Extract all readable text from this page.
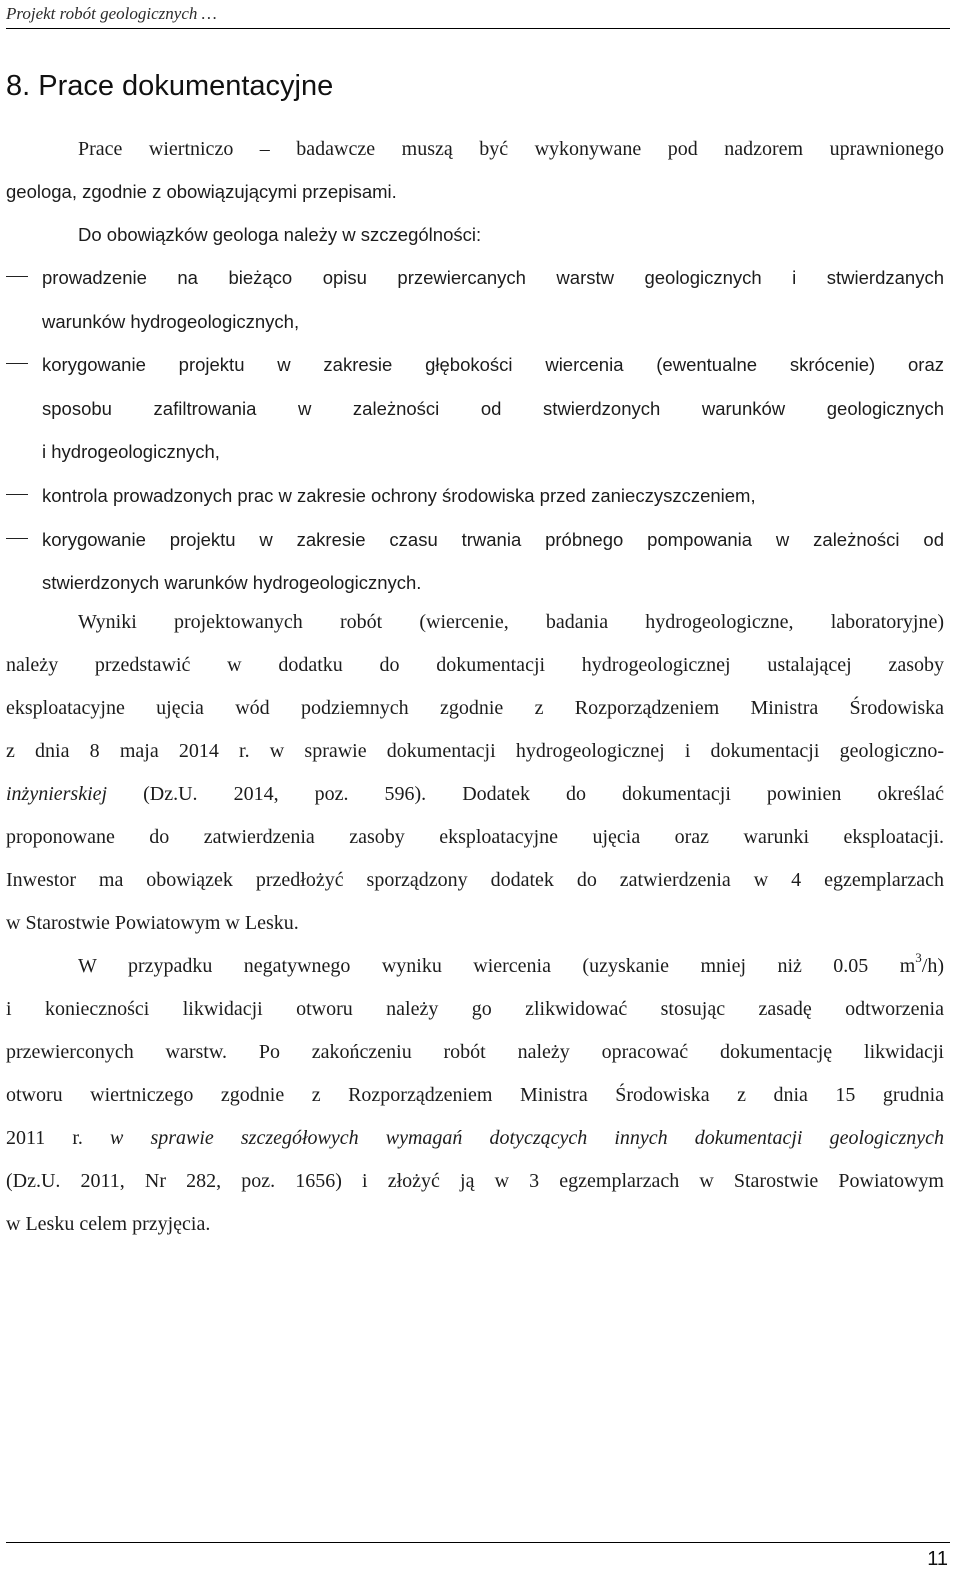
Projekt robót geologicznych …
8. Prace dokumentacyjne
Prace wiertniczo – badawcze muszą być wykonywane pod nadzorem uprawnionego
geologa, zgodnie z obowiązującymi przepisami.
Do obowiązków geologa należy w szczególności:
prowadzenie na bieżąco opisu przewiercanych warstw geologicznych i stwierdzanych
warunków hydrogeologicznych,
korygowanie projektu w zakresie głębokości wiercenia (ewentualne skrócenie) oraz
sposobu zafiltrowania w zależności od stwierdzonych warunków geologicznych
i hydrogeologicznych,
kontrola prowadzonych prac w zakresie ochrony środowiska przed zanieczyszczeniem,
korygowanie projektu w zakresie czasu trwania próbnego pompowania w zależności od
stwierdzonych warunków hydrogeologicznych.
Wyniki projektowanych robót (wiercenie, badania hydrogeologiczne, laboratoryjne)
należy przedstawić w dodatku do dokumentacji hydrogeologicznej ustalającej zasoby
eksploatacyjne ujęcia wód podziemnych zgodnie z Rozporządzeniem Ministra Środowiska
z dnia 8 maja 2014 r. w sprawie dokumentacji hydrogeologicznej i dokumentacji geologiczno-
inżynierskiej (Dz.U. 2014, poz. 596). Dodatek do dokumentacji powinien określać
proponowane do zatwierdzenia zasoby eksploatacyjne ujęcia oraz warunki eksploatacji.
Inwestor ma obowiązek przedłożyć sporządzony dodatek do zatwierdzenia w 4 egzemplarzach
w Starostwie Powiatowym w Lesku.
W przypadku negatywnego wyniku wiercenia (uzyskanie mniej niż 0.05 $m^3/h$)
i konieczności likwidacji otworu należy go zlikwidować stosując zasadę odtworzenia
przewierconych warstw. Po zakończeniu robót należy opracować dokumentację likwidacji
otworu wiertniczego zgodnie z Rozporządzeniem Ministra Środowiska z dnia 15 grudnia
2011 r. w sprawie szczegółowych wymagań dotyczących innych dokumentacji geologicznych
(Dz.U. 2011, Nr 282, poz. 1656) i złożyć ją w 3 egzemplarzach w Starostwie Powiatowym
w Lesku celem przyjęcia.
11
